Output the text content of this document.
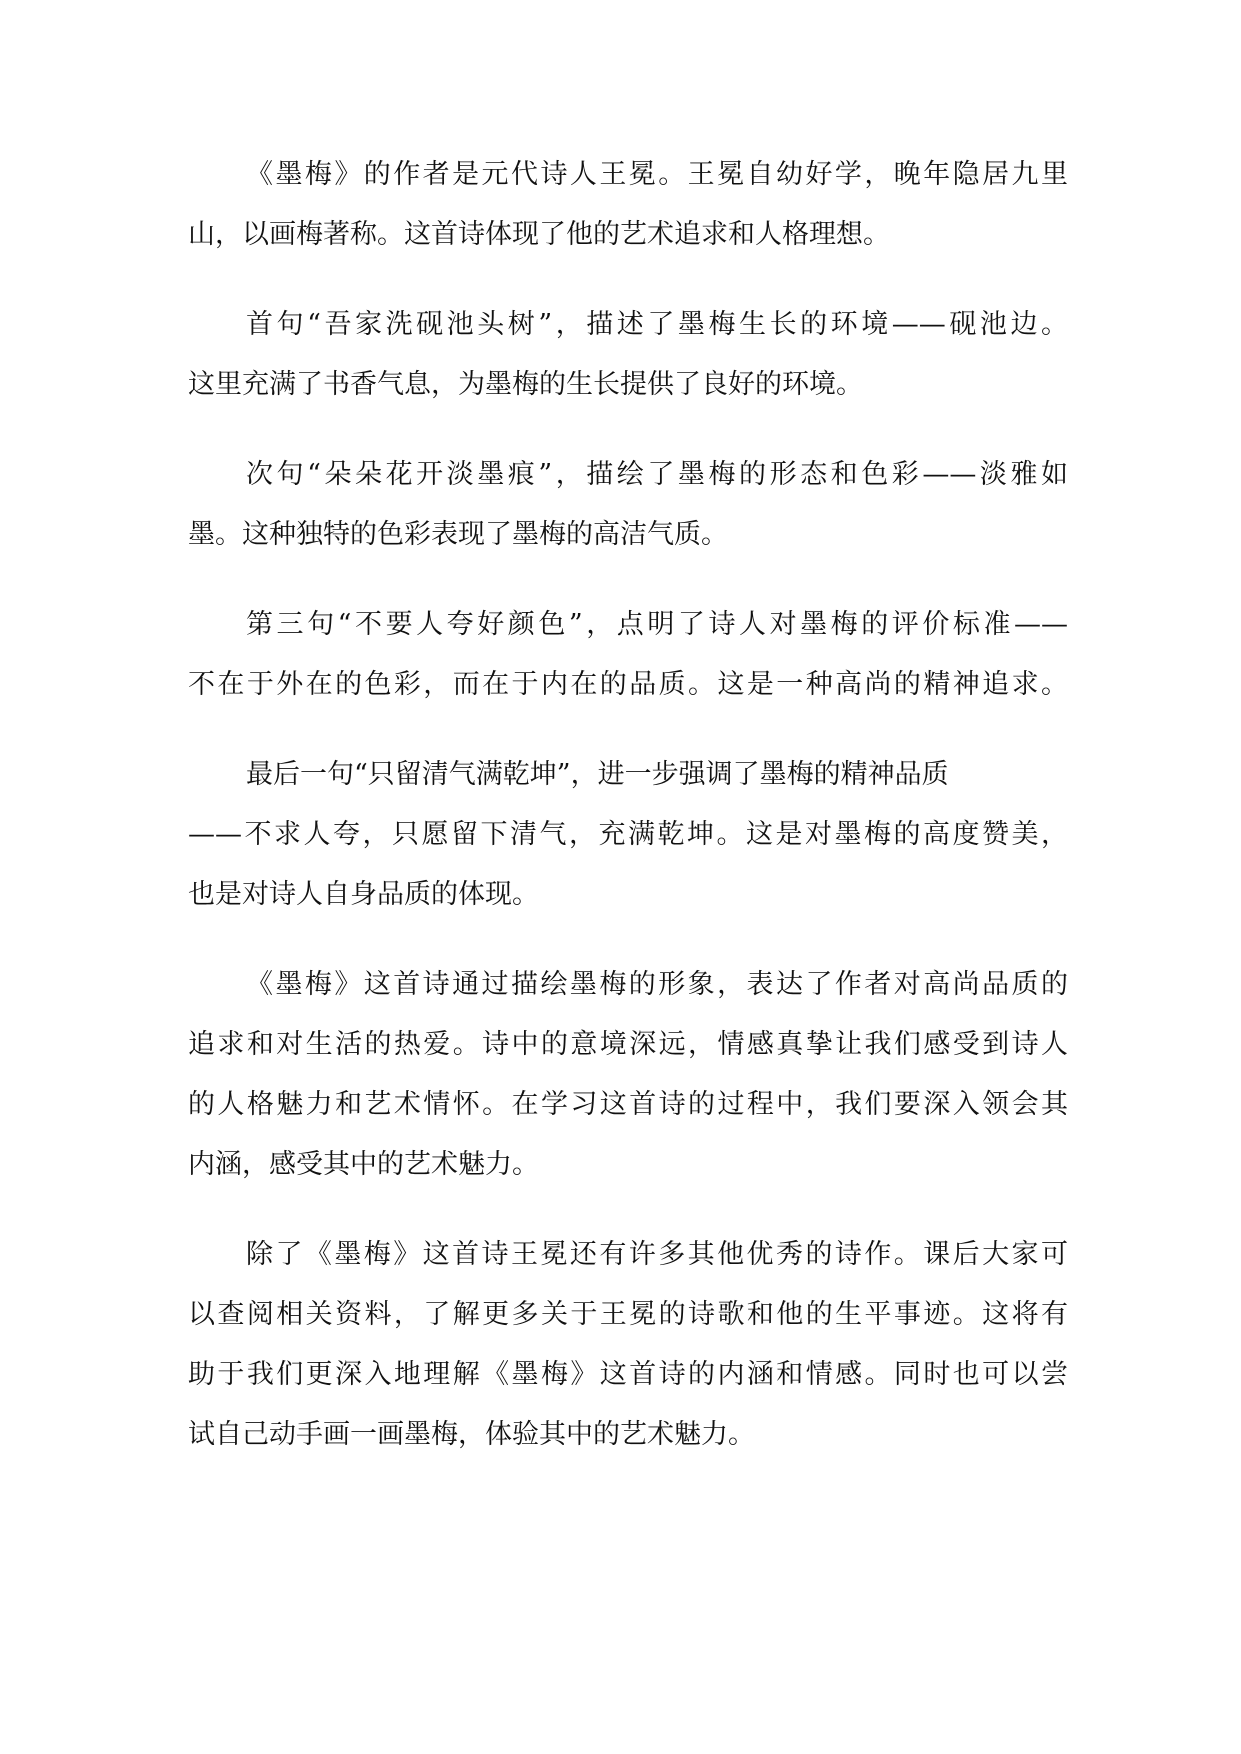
《墨梅》的作者是元代诗人王冕。王冕自幼好学，晚年隐居九里
山，以画梅著称。这首诗体现了他的艺术追求和人格理想。
首句“吾家洗砚池头树”，描述了墨梅生长的环境——砚池边。
这里充满了书香气息，为墨梅的生长提供了良好的环境。
次句“朵朵花开淡墨痕”，描绘了墨梅的形态和色彩——淡雅如
墨。这种独特的色彩表现了墨梅的高洁气质。
第三句“不要人夸好颜色”，点明了诗人对墨梅的评价标准——
不在于外在的色彩，而在于内在的品质。这是一种高尚的精神追求。
最后一句“只留清气满乾坤”，进一步强调了墨梅的精神品质
——不求人夸，只愿留下清气，充满乾坤。这是对墨梅的高度赞美，
也是对诗人自身品质的体现。
《墨梅》这首诗通过描绘墨梅的形象，表达了作者对高尚品质的
追求和对生活的热爱。诗中的意境深远，情感真挚让我们感受到诗人
的人格魅力和艺术情怀。在学习这首诗的过程中，我们要深入领会其
内涵，感受其中的艺术魅力。
除了《墨梅》这首诗王冕还有许多其他优秀的诗作。课后大家可
以查阅相关资料，了解更多关于王冕的诗歌和他的生平事迹。这将有
助于我们更深入地理解《墨梅》这首诗的内涵和情感。同时也可以尝
试自己动手画一画墨梅，体验其中的艺术魅力。
